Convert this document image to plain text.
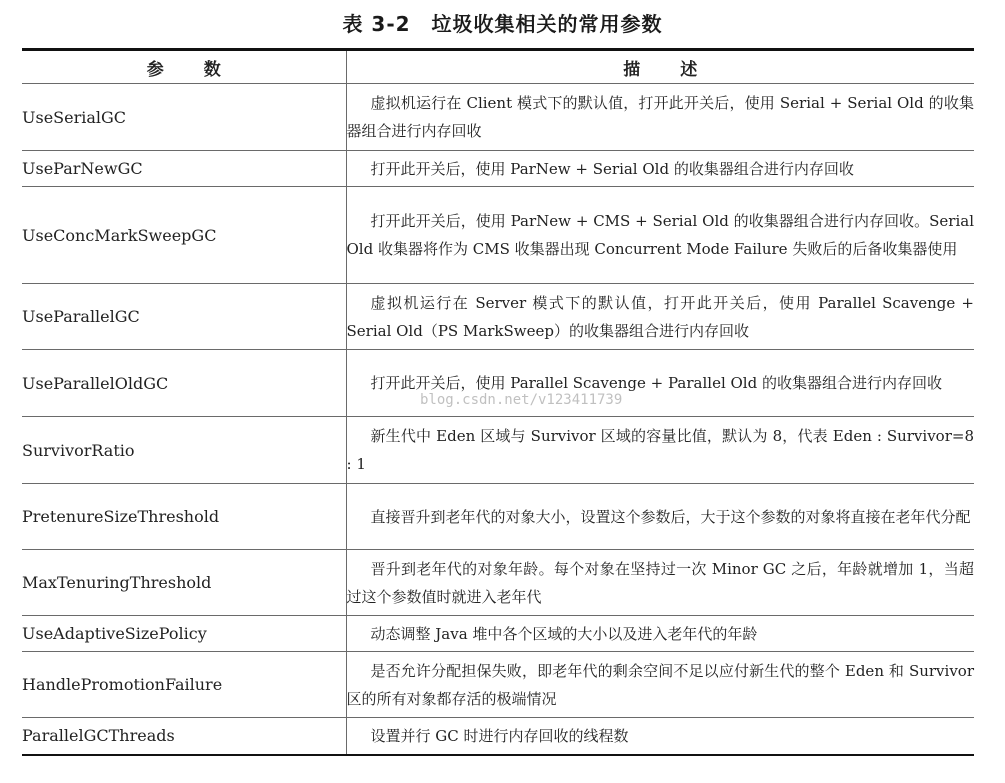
表 3-2　垃圾收集相关的常用参数
参数	描述
UseSerialGC	虚拟机运行在 Client 模式下的默认值，打开此开关后，使用 Serial + Serial Old 的收集器组合进行内存回收
UseParNewGC	打开此开关后，使用 ParNew + Serial Old 的收集器组合进行内存回收
UseConcMarkSweepGC	打开此开关后，使用 ParNew + CMS + Serial Old 的收集器组合进行内存回收。Serial Old 收集器将作为 CMS 收集器出现 Concurrent Mode Failure 失败后的后备收集器使用
UseParallelGC	虚拟机运行在 Server 模式下的默认值，打开此开关后，使用 Parallel Scavenge + Serial Old（PS MarkSweep）的收集器组合进行内存回收
UseParallelOldGC	打开此开关后，使用 Parallel Scavenge + Parallel Old 的收集器组合进行内存回收
SurvivorRatio	新生代中 Eden 区域与 Survivor 区域的容量比值，默认为 8，代表 Eden : Survivor=8 : 1
PretenureSizeThreshold	直接晋升到老年代的对象大小，设置这个参数后，大于这个参数的对象将直接在老年代分配
MaxTenuringThreshold	晋升到老年代的对象年龄。每个对象在坚持过一次 Minor GC 之后，年龄就增加 1，当超过这个参数值时就进入老年代
UseAdaptiveSizePolicy	动态调整 Java 堆中各个区域的大小以及进入老年代的年龄
HandlePromotionFailure	是否允许分配担保失败，即老年代的剩余空间不足以应付新生代的整个 Eden 和 Survivor 区的所有对象都存活的极端情况
ParallelGCThreads	设置并行 GC 时进行内存回收的线程数
blog.csdn.net/v123411739
